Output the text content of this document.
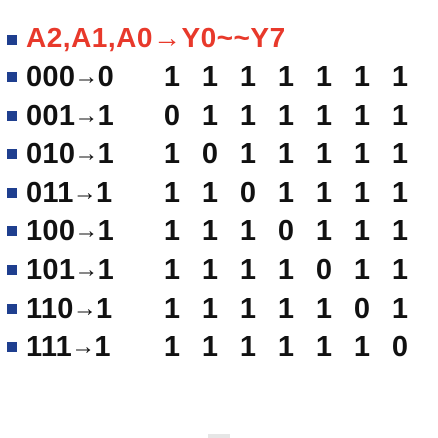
A2,A1,A0→Y0~~Y7
000→0 1 1 1 1 1 1 1
001→1 0 1 1 1 1 1 1
010→1 1 0 1 1 1 1 1
011→1 1 1 0 1 1 1 1
100→1 1 1 1 0 1 1 1
101→1 1 1 1 1 0 1 1
110→1 1 1 1 1 1 0 1
111→1 1 1 1 1 1 1 0
